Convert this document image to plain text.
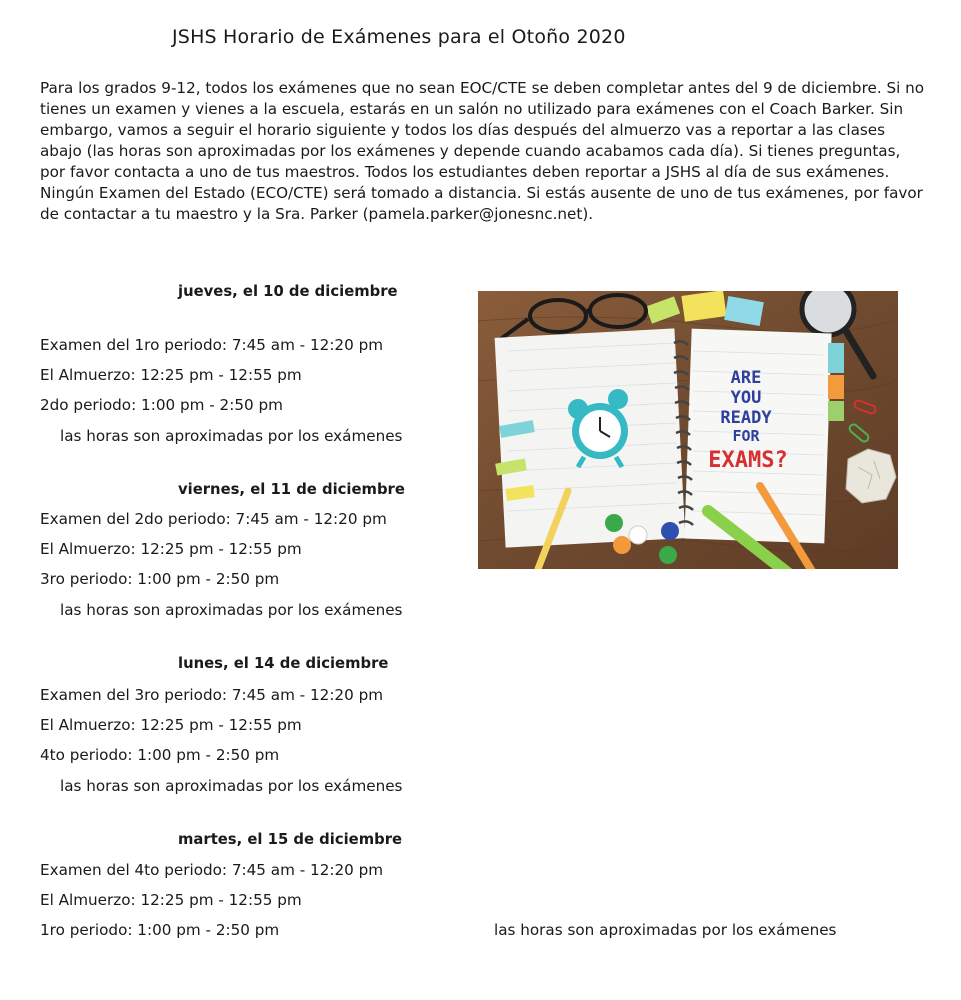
JSHS Horario de Exámenes para el Otoño 2020

Para los grados 9-12, todos los exámenes que no sean EOC/CTE se deben completar antes del 9 de diciembre. Si no tienes un examen y vienes a la escuela, estarás en un salón no utilizado para exámenes con el Coach Barker. Sin embargo, vamos a seguir el horario siguiente y todos los días después del almuerzo vas a reportar a las clases abajo (las horas son aproximadas por los exámenes y depende cuando acabamos cada día). Si tienes preguntas, por favor contacta a uno de tus maestros. Todos los estudiantes deben reportar a JSHS al día de sus exámenes. Ningún Examen del Estado (ECO/CTE) será tomado a distancia. Si estás ausente de uno de tus exámenes, por favor de contactar a tu maestro y la Sra. Parker (pamela.parker@jonesnc.net).

jueves, el 10 de diciembre
Examen del 1ro periodo: 7:45 am - 12:20 pm
El Almuerzo: 12:25 pm - 12:55 pm
2do periodo: 1:00 pm - 2:50 pm
las horas son aproximadas por los exámenes
viernes, el 11 de diciembre
Examen del 2do periodo: 7:45 am - 12:20 pm
El Almuerzo: 12:25 pm - 12:55 pm
3ro periodo: 1:00 pm - 2:50 pm
las horas son aproximadas por los exámenes
lunes, el 14 de diciembre
Examen del 3ro periodo: 7:45 am - 12:20 pm
El Almuerzo: 12:25 pm - 12:55 pm
4to periodo: 1:00 pm - 2:50 pm
las horas son aproximadas por los exámenes
martes, el 15 de diciembre
Examen del 4to periodo: 7:45 am - 12:20 pm
El Almuerzo: 12:25 pm - 12:55 pm
1ro periodo: 1:00 pm - 2:50 pm	las horas son aproximadas por los exámenes
ARE
YOU
READY
FOR
EXAMS?
